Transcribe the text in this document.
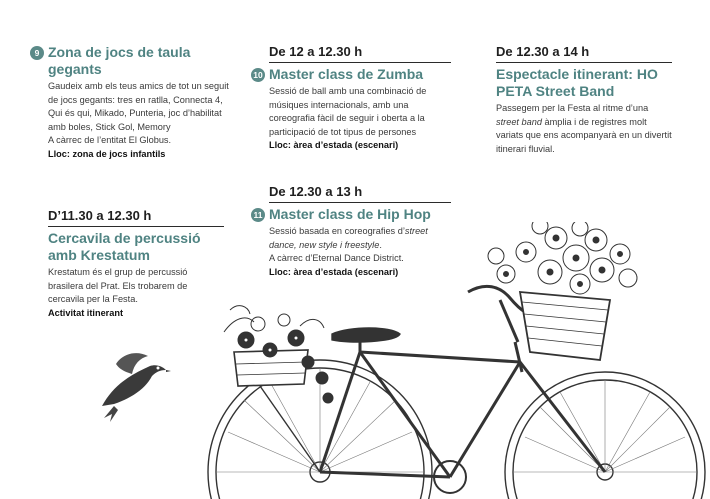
9 Zona de jocs de taula gegants
Gaudeix amb els teus amics de tot un seguit de jocs gegants: tres en ratlla, Connecta 4, Qui és qui, Mikado, Punteria, joc d’habilitat amb boles, Stick Gol, Memory
A càrrec de l’entitat El Globus.
Lloc: zona de jocs infantils
D’11.30 a 12.30 h
Cercavila de percussió amb Krestatum
Krestatum és el grup de percussió brasilera del Prat. Els trobarem de cercavila per la Festa.
Activitat itinerant
De 12 a 12.30 h
10 Master class de Zumba
Sessió de ball amb una combinació de músiques internacionals, amb una coreografia fàcil de seguir i oberta a la participació de tot tipus de persones
Lloc: àrea d’estada (escenari)
De 12.30 a 13 h
11 Master class de Hip Hop
Sessió basada en coreografies d’street dance, new style i freestyle.
A càrrec d’Eternal Dance District.
Lloc: àrea d’estada (escenari)
De 12.30 a 14 h
Espectacle itinerant: HO PETA Street Band
Passegem per la Festa al ritme d’una street band àmplia i de registres molt variats que ens acompanyarà en un divertit itinerari fluvial.
